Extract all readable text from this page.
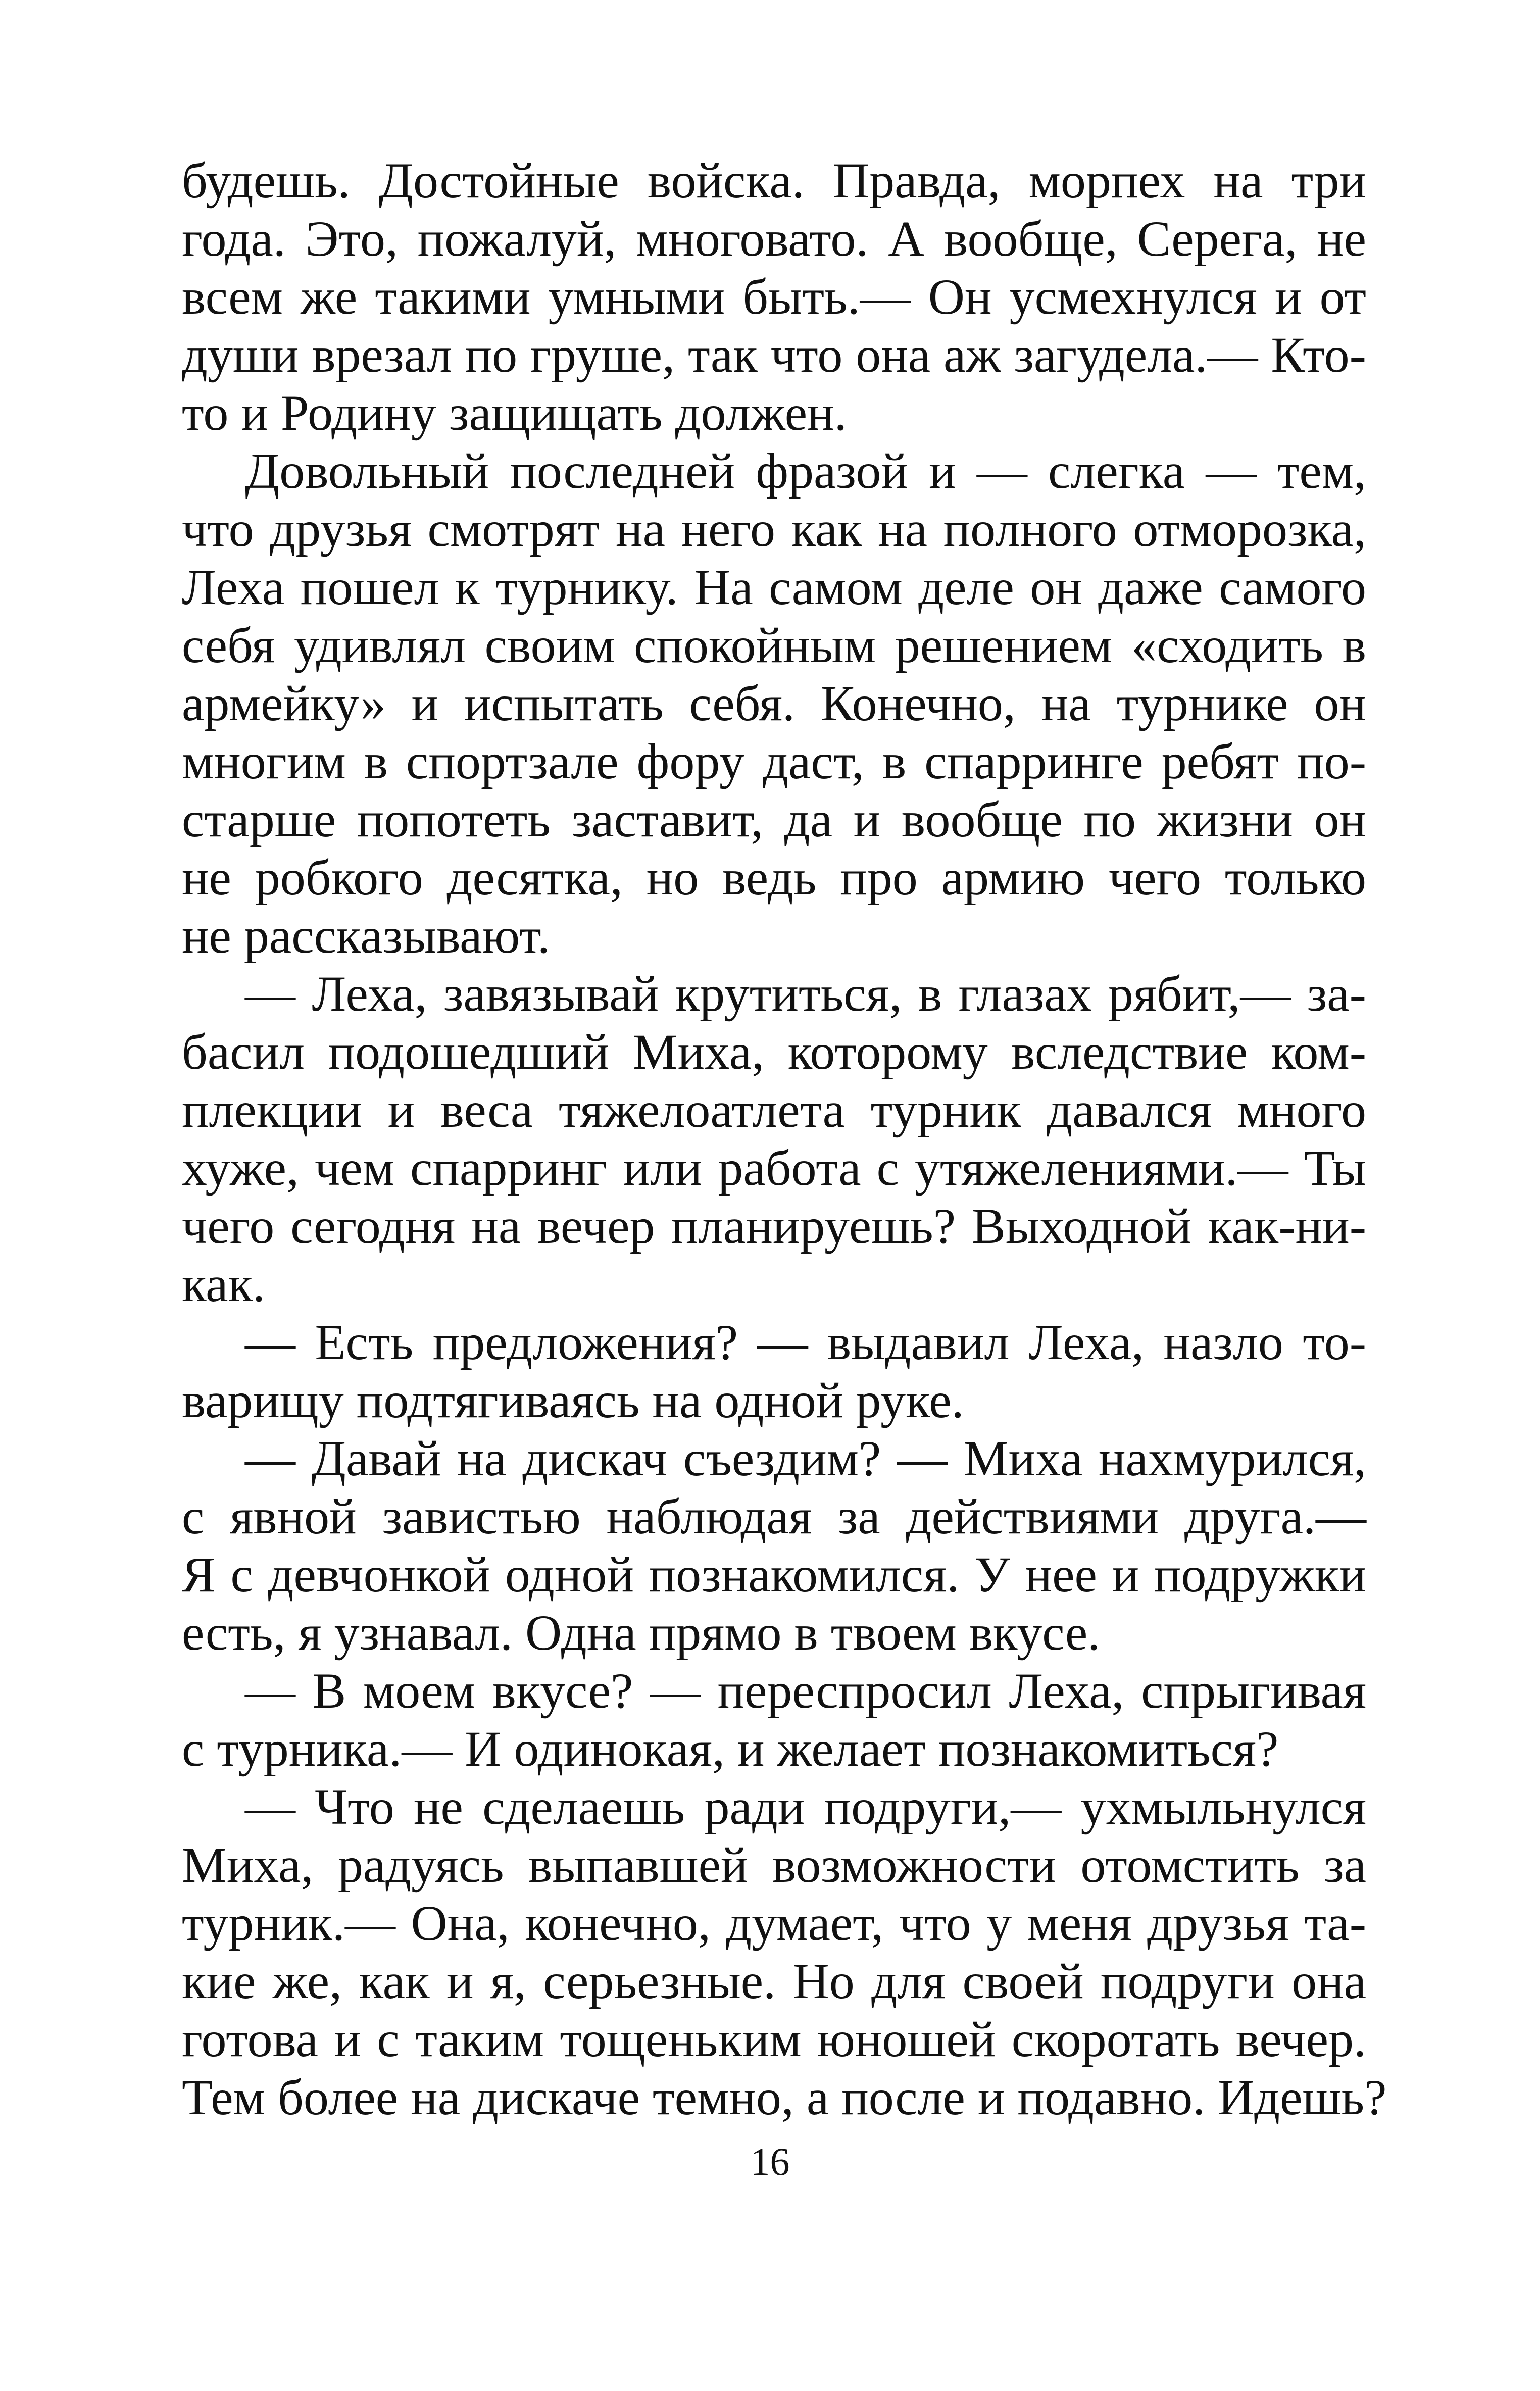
будешь. Достойные войска. Правда, морпех на три
года. Это, пожалуй, многовато. А вообще, Серега, не
всем же такими умными быть.— Он усмехнулся и от
души врезал по груше, так что она аж загудела.— Кто-
то и Родину защищать должен.
Довольный последней фразой и — слегка — тем,
что друзья смотрят на него как на полного отморозка,
Леха пошел к турнику. На самом деле он даже самого
себя удивлял своим спокойным решением «сходить в
армейку» и испытать себя. Конечно, на турнике он
многим в спортзале фору даст, в спарринге ребят по-
старше попотеть заставит, да и вообще по жизни он
не робкого десятка, но ведь про армию чего только
не рассказывают.
— Леха, завязывай крутиться, в глазах рябит,— за-
басил подошедший Миха, которому вследствие ком-
плекции и веса тяжелоатлета турник давался много
хуже, чем спарринг или работа с утяжелениями.— Ты
чего сегодня на вечер планируешь? Выходной как-ни-
как.
— Есть предложения? — выдавил Леха, назло то-
варищу подтягиваясь на одной руке.
— Давай на дискач съездим? — Миха нахмурился,
с явной завистью наблюдая за действиями друга.—
Я с девчонкой одной познакомился. У нее и подружки
есть, я узнавал. Одна прямо в твоем вкусе.
— В моем вкусе? — переспросил Леха, спрыгивая
с турника.— И одинокая, и желает познакомиться?
— Что не сделаешь ради подруги,— ухмыльнулся
Миха, радуясь выпавшей возможности отомстить за
турник.— Она, конечно, думает, что у меня друзья та-
кие же, как и я, серьезные. Но для своей подруги она
готова и с таким тощеньким юношей скоротать вечер.
Тем более на дискаче темно, а после и подавно. Идешь?
16
